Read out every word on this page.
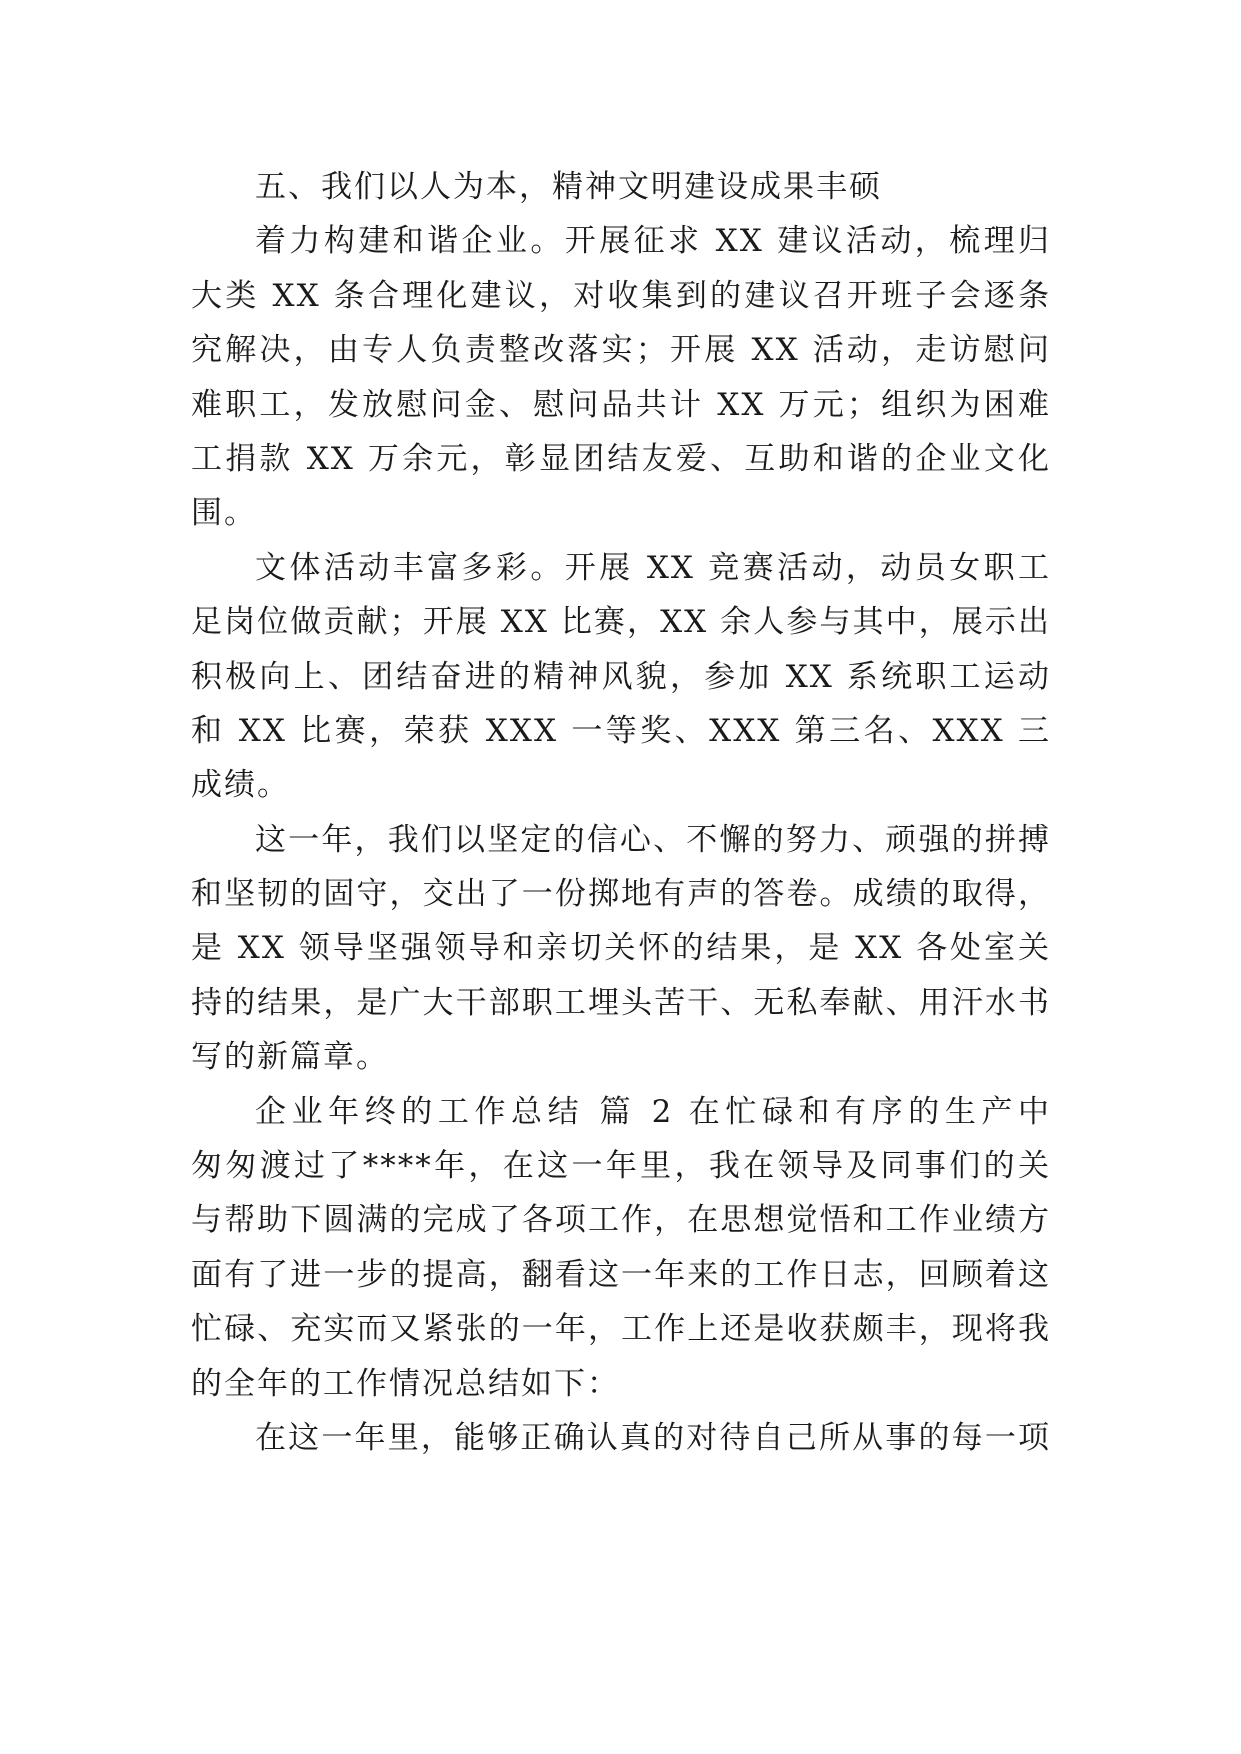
五、我们以人为本，精神文明建设成果丰硕
着力构建和谐企业。开展征求 XX 建议活动，梳理归
大类 XX 条合理化建议，对收集到的建议召开班子会逐条
究解决，由专人负责整改落实；开展 XX 活动，走访慰问
难职工，发放慰问金、慰问品共计 XX 万元；组织为困难
工捐款 XX 万余元，彰显团结友爱、互助和谐的企业文化
围。
文体活动丰富多彩。开展 XX 竞赛活动，动员女职工
足岗位做贡献；开展 XX 比赛，XX 余人参与其中，展示出
积极向上、团结奋进的精神风貌，参加 XX 系统职工运动
和 XX 比赛，荣获 XXX 一等奖、XXX 第三名、XXX 三
成绩。
这一年，我们以坚定的信心、不懈的努力、顽强的拼搏
和坚韧的固守，交出了一份掷地有声的答卷。成绩的取得，
是 XX 领导坚强领导和亲切关怀的结果，是 XX 各处室关
持的结果，是广大干部职工埋头苦干、无私奉献、用汗水书
写的新篇章。
企业年终的工作总结 篇 2 在忙碌和有序的生产中
匆匆渡过了****年，在这一年里，我在领导及同事们的关
与帮助下圆满的完成了各项工作，在思想觉悟和工作业绩方
面有了进一步的提高，翻看这一年来的工作日志，回顾着这
忙碌、充实而又紧张的一年，工作上还是收获颇丰，现将我
的全年的工作情况总结如下：
在这一年里，能够正确认真的对待自己所从事的每一项
